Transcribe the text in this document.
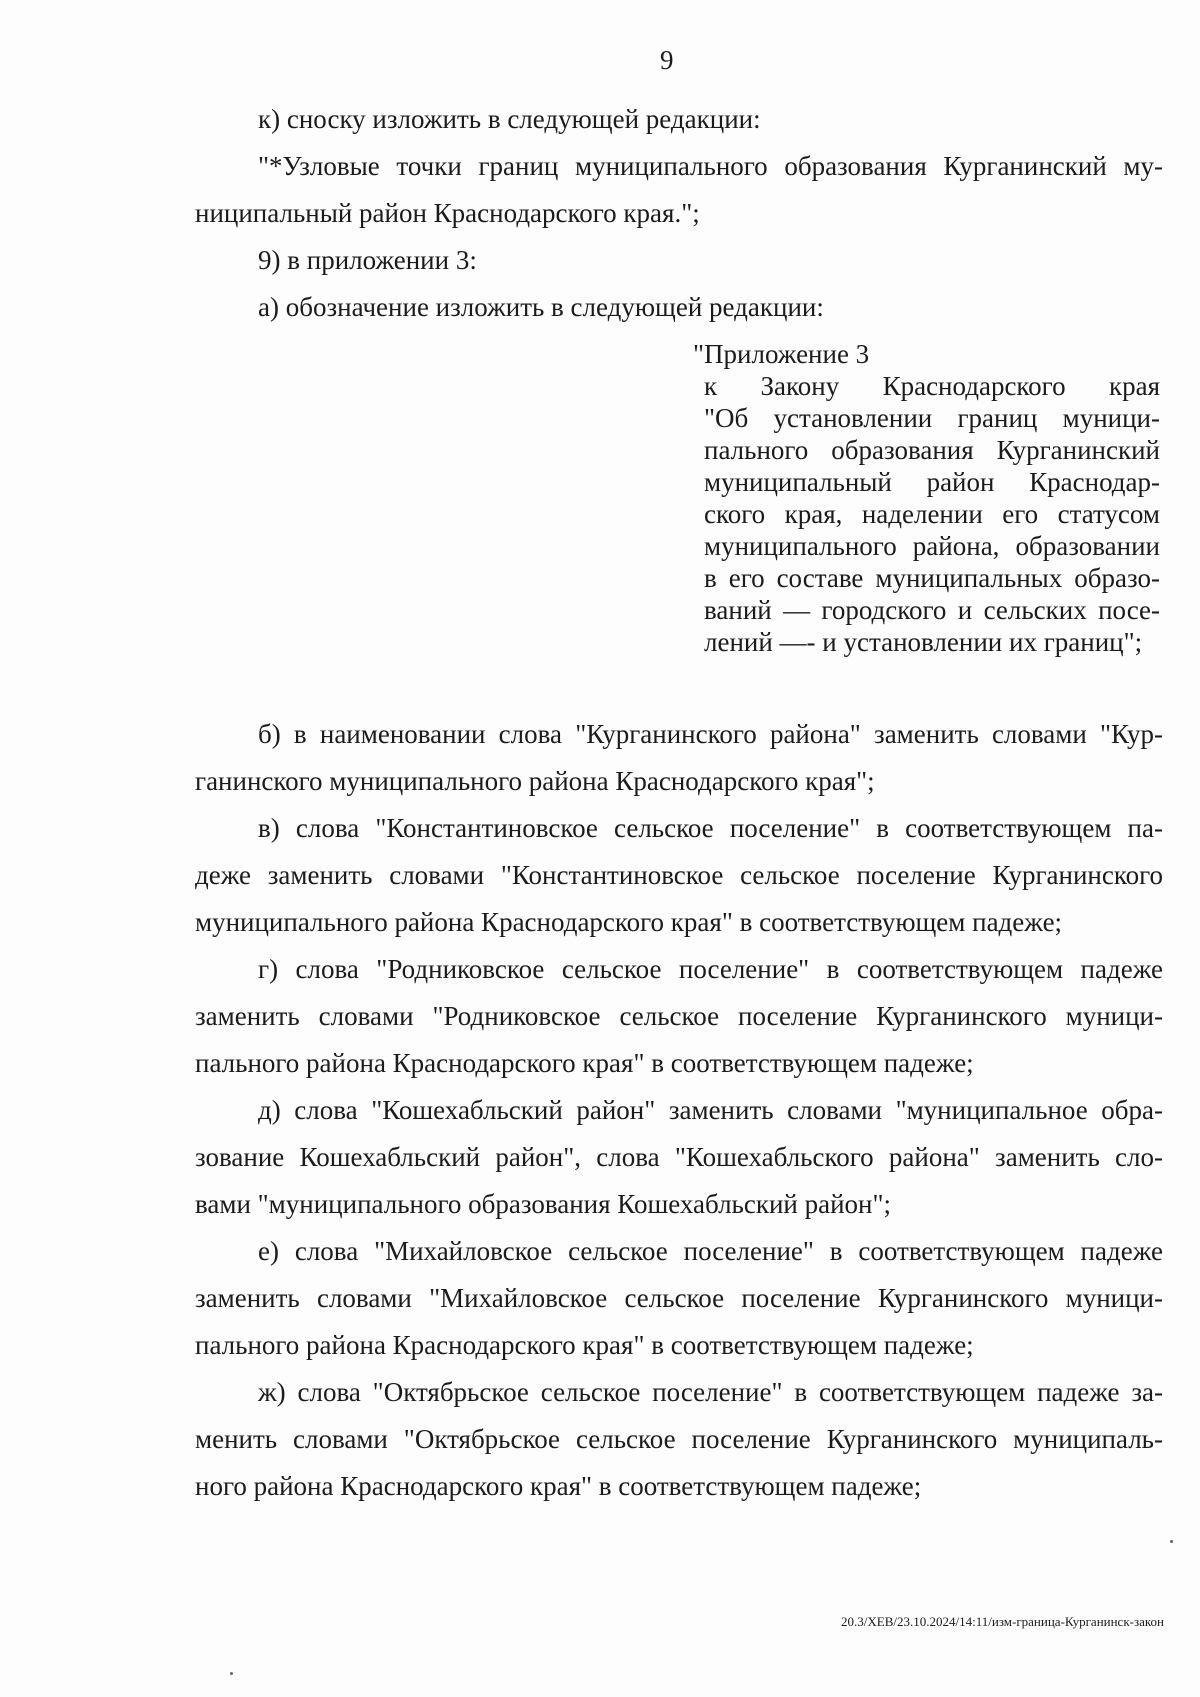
9
к) сноску изложить в следующей редакции:
"*Узловые точки границ муниципального образования Курганинский му-
ниципальный район Краснодарского края.";
9) в приложении 3:
а) обозначение изложить в следующей редакции:
"Приложение 3
к Закону Краснодарского края
"Об установлении границ муници-
пального образования Курганинский
муниципальный район Краснодар-
ского края, наделении его статусом
муниципального района, образовании
в его составе муниципальных образо-
ваний — городского и сельских посе-
лений —- и установлении их границ";
б) в наименовании слова "Курганинского района" заменить словами "Кур-
ганинского муниципального района Краснодарского края";
в) слова "Константиновское сельское поселение" в соответствующем па-
деже заменить словами "Константиновское сельское поселение Курганинского
муниципального района Краснодарского края" в соответствующем падеже;
г) слова "Родниковское сельское поселение" в соответствующем падеже
заменить словами "Родниковское сельское поселение Курганинского муници-
пального района Краснодарского края" в соответствующем падеже;
д) слова "Кошехабльский район" заменить словами "муниципальное обра-
зование Кошехабльский район", слова "Кошехабльского района" заменить сло-
вами "муниципального образования Кошехабльский район";
е) слова "Михайловское сельское поселение" в соответствующем падеже
заменить словами "Михайловское сельское поселение Курганинского муници-
пального района Краснодарского края" в соответствующем падеже;
ж) слова "Октябрьское сельское поселение" в соответствующем падеже за-
менить словами "Октябрьское сельское поселение Курганинского муниципаль-
ного района Краснодарского края" в соответствующем падеже;
20.3/ХЕВ/23.10.2024/14:11/изм-граница-Курганинск-закон
